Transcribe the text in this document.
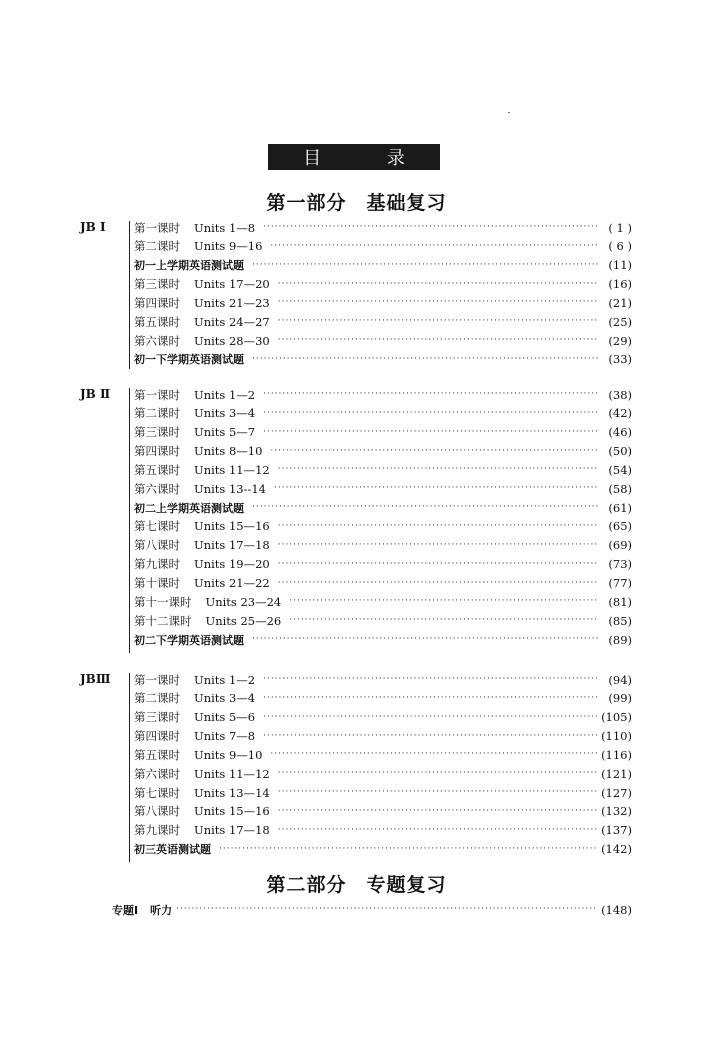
目 录
第一部分 基础复习
JB Ⅰ 第一课时 Units 1—8 ·····	( 1 )
第二课时 Units 9—16 ·····	( 6 )
初一上学期英语测试题 ·····	(11)
第三课时 Units 17—20 ·····	(16)
第四课时 Units 21—23 ·····	(21)
第五课时 Units 24—27 ·····	(25)
第六课时 Units 28—30 ·····	(29)
初一下学期英语测试题 ·····	(33)
JB Ⅱ 第一课时 Units 1—2 ·····	(38)
第二课时 Units 3—4 ·····	(42)
第三课时 Units 5—7 ·····	(46)
第四课时 Units 8—10 ·····	(50)
第五课时 Units 11—12 ·····	(54)
第六课时 Units 13--14 ·····	(58)
初二上学期英语测试题 ·····	(61)
第七课时 Units 15—16 ·····	(65)
第八课时 Units 17—18 ·····	(69)
第九课时 Units 19—20 ·····	(73)
第十课时 Units 21—22 ·····	(77)
第十一课时 Units 23—24 ·····	(81)
第十二课时 Units 25—26 ·····	(85)
初二下学期英语测试题 ·····	(89)
JBⅢ 第一课时 Units 1—2 ·····	(94)
第二课时 Units 3—4 ·····	(99)
第三课时 Units 5—6 ·····	(105)
第四课时 Units 7—8 ·····	(110)
第五课时 Units 9—10 ·····	(116)
第六课时 Units 11—12 ·····	(121)
第七课时 Units 13—14 ·····	(127)
第八课时 Units 15—16 ·····	(132)
第九课时 Units 17—18 ·····	(137)
初三英语测试题 ·····	(142)
第二部分 专题复习
专题Ⅰ 听力 ·····	(148)
